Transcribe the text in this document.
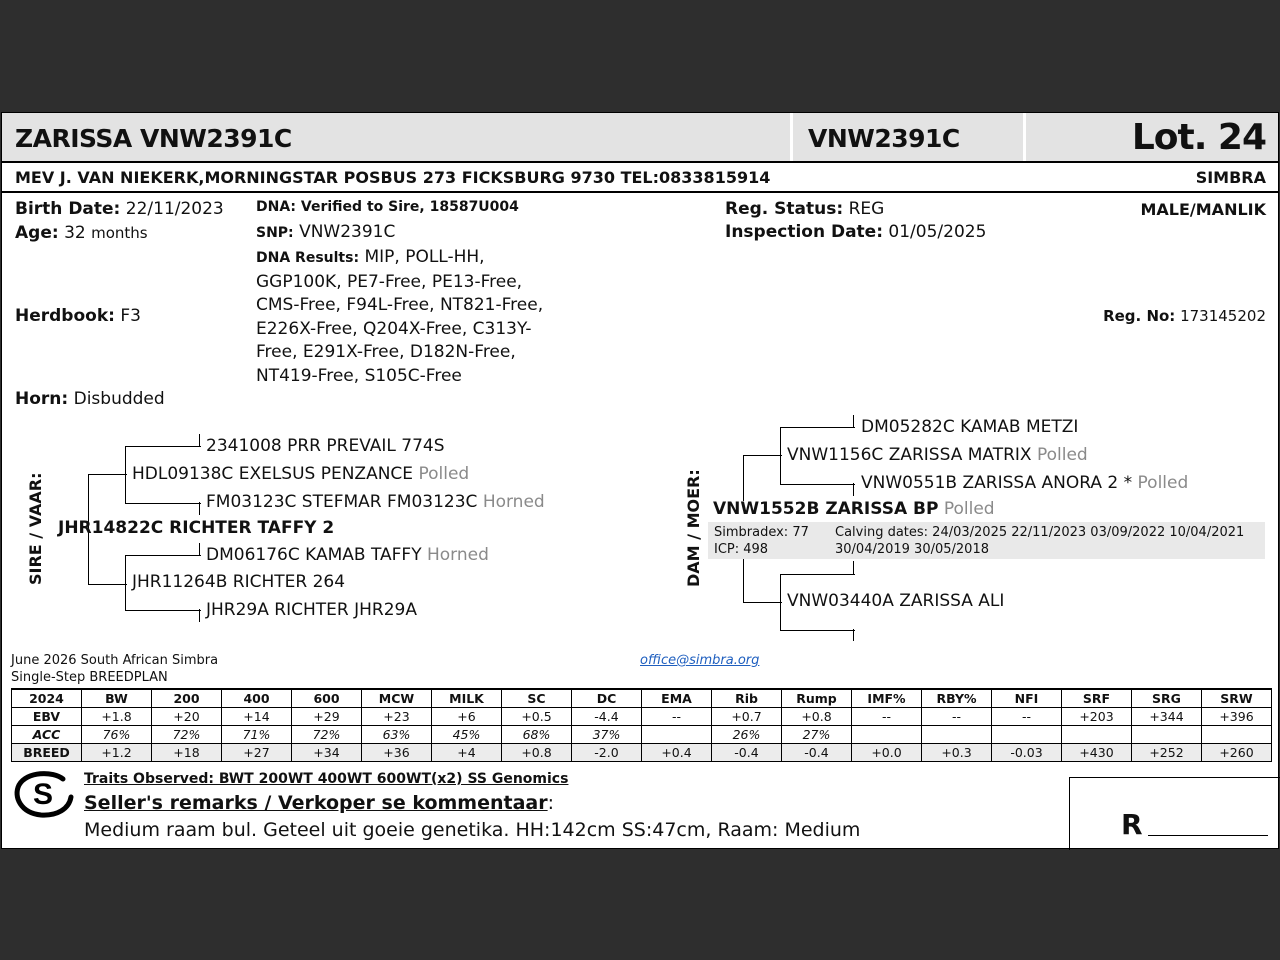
ZARISSA VNW2391C	VNW2391C	Lot. 24
MEV J. VAN NIEKERK,MORNINGSTAR POSBUS 273 FICKSBURG 9730 TEL:0833815914	SIMBRA
Birth Date: 22/11/2023
Age: 32 months
Herdbook: F3
Horn: Disbudded
DNA: Verified to Sire, 18587U004
SNP: VNW2391C
DNA Results: MIP, POLL-HH, GGP100K, PE7-Free, PE13-Free, CMS-Free, F94L-Free, NT821-Free, E226X-Free, Q204X-Free, C313Y-Free, E291X-Free, D182N-Free, NT419-Free, S105C-Free
Reg. Status: REG
Inspection Date: 01/05/2025
MALE/MANLIK
Reg. No: 173145202
SIRE / VAAR:
2341008 PRR PREVAIL 774S
HDL09138C EXELSUS PENZANCE Polled
FM03123C STEFMAR FM03123C Horned
JHR14822C RICHTER TAFFY 2
DM06176C KAMAB TAFFY Horned
JHR11264B RICHTER 264
JHR29A RICHTER JHR29A
DAM / MOER:
DM05282C KAMAB METZI
VNW1156C ZARISSA MATRIX Polled
VNW0551B ZARISSA ANORA 2 * Polled
VNW1552B ZARISSA BP Polled
Simbradex: 77
ICP: 498
Calving dates: 24/03/2025 22/11/2023 03/09/2022 10/04/2021
30/04/2019 30/05/2018
VNW03440A ZARISSA ALI
June 2026 South African Simbra
Single-Step BREEDPLAN
office@simbra.org
2024	BW	200	400	600	MCW	MILK	SC	DC	EMA	Rib	Rump	IMF%	RBY%	NFI	SRF	SRG	SRW
EBV	+1.8	+20	+14	+29	+23	+6	+0.5	-4.4	--	+0.7	+0.8	--	--	--	+203	+344	+396
ACC	76%	72%	71%	72%	63%	45%	68%	37%		26%	27%						
BREED	+1.2	+18	+27	+34	+36	+4	+0.8	-2.0	+0.4	-0.4	-0.4	+0.0	+0.3	-0.03	+430	+252	+260
S Traits Observed: BWT 200WT 400WT 600WT(x2) SS Genomics
Seller's remarks / Verkoper se kommentaar:
Medium raam bul. Geteel uit goeie genetika. HH:142cm SS:47cm, Raam: Medium	R
